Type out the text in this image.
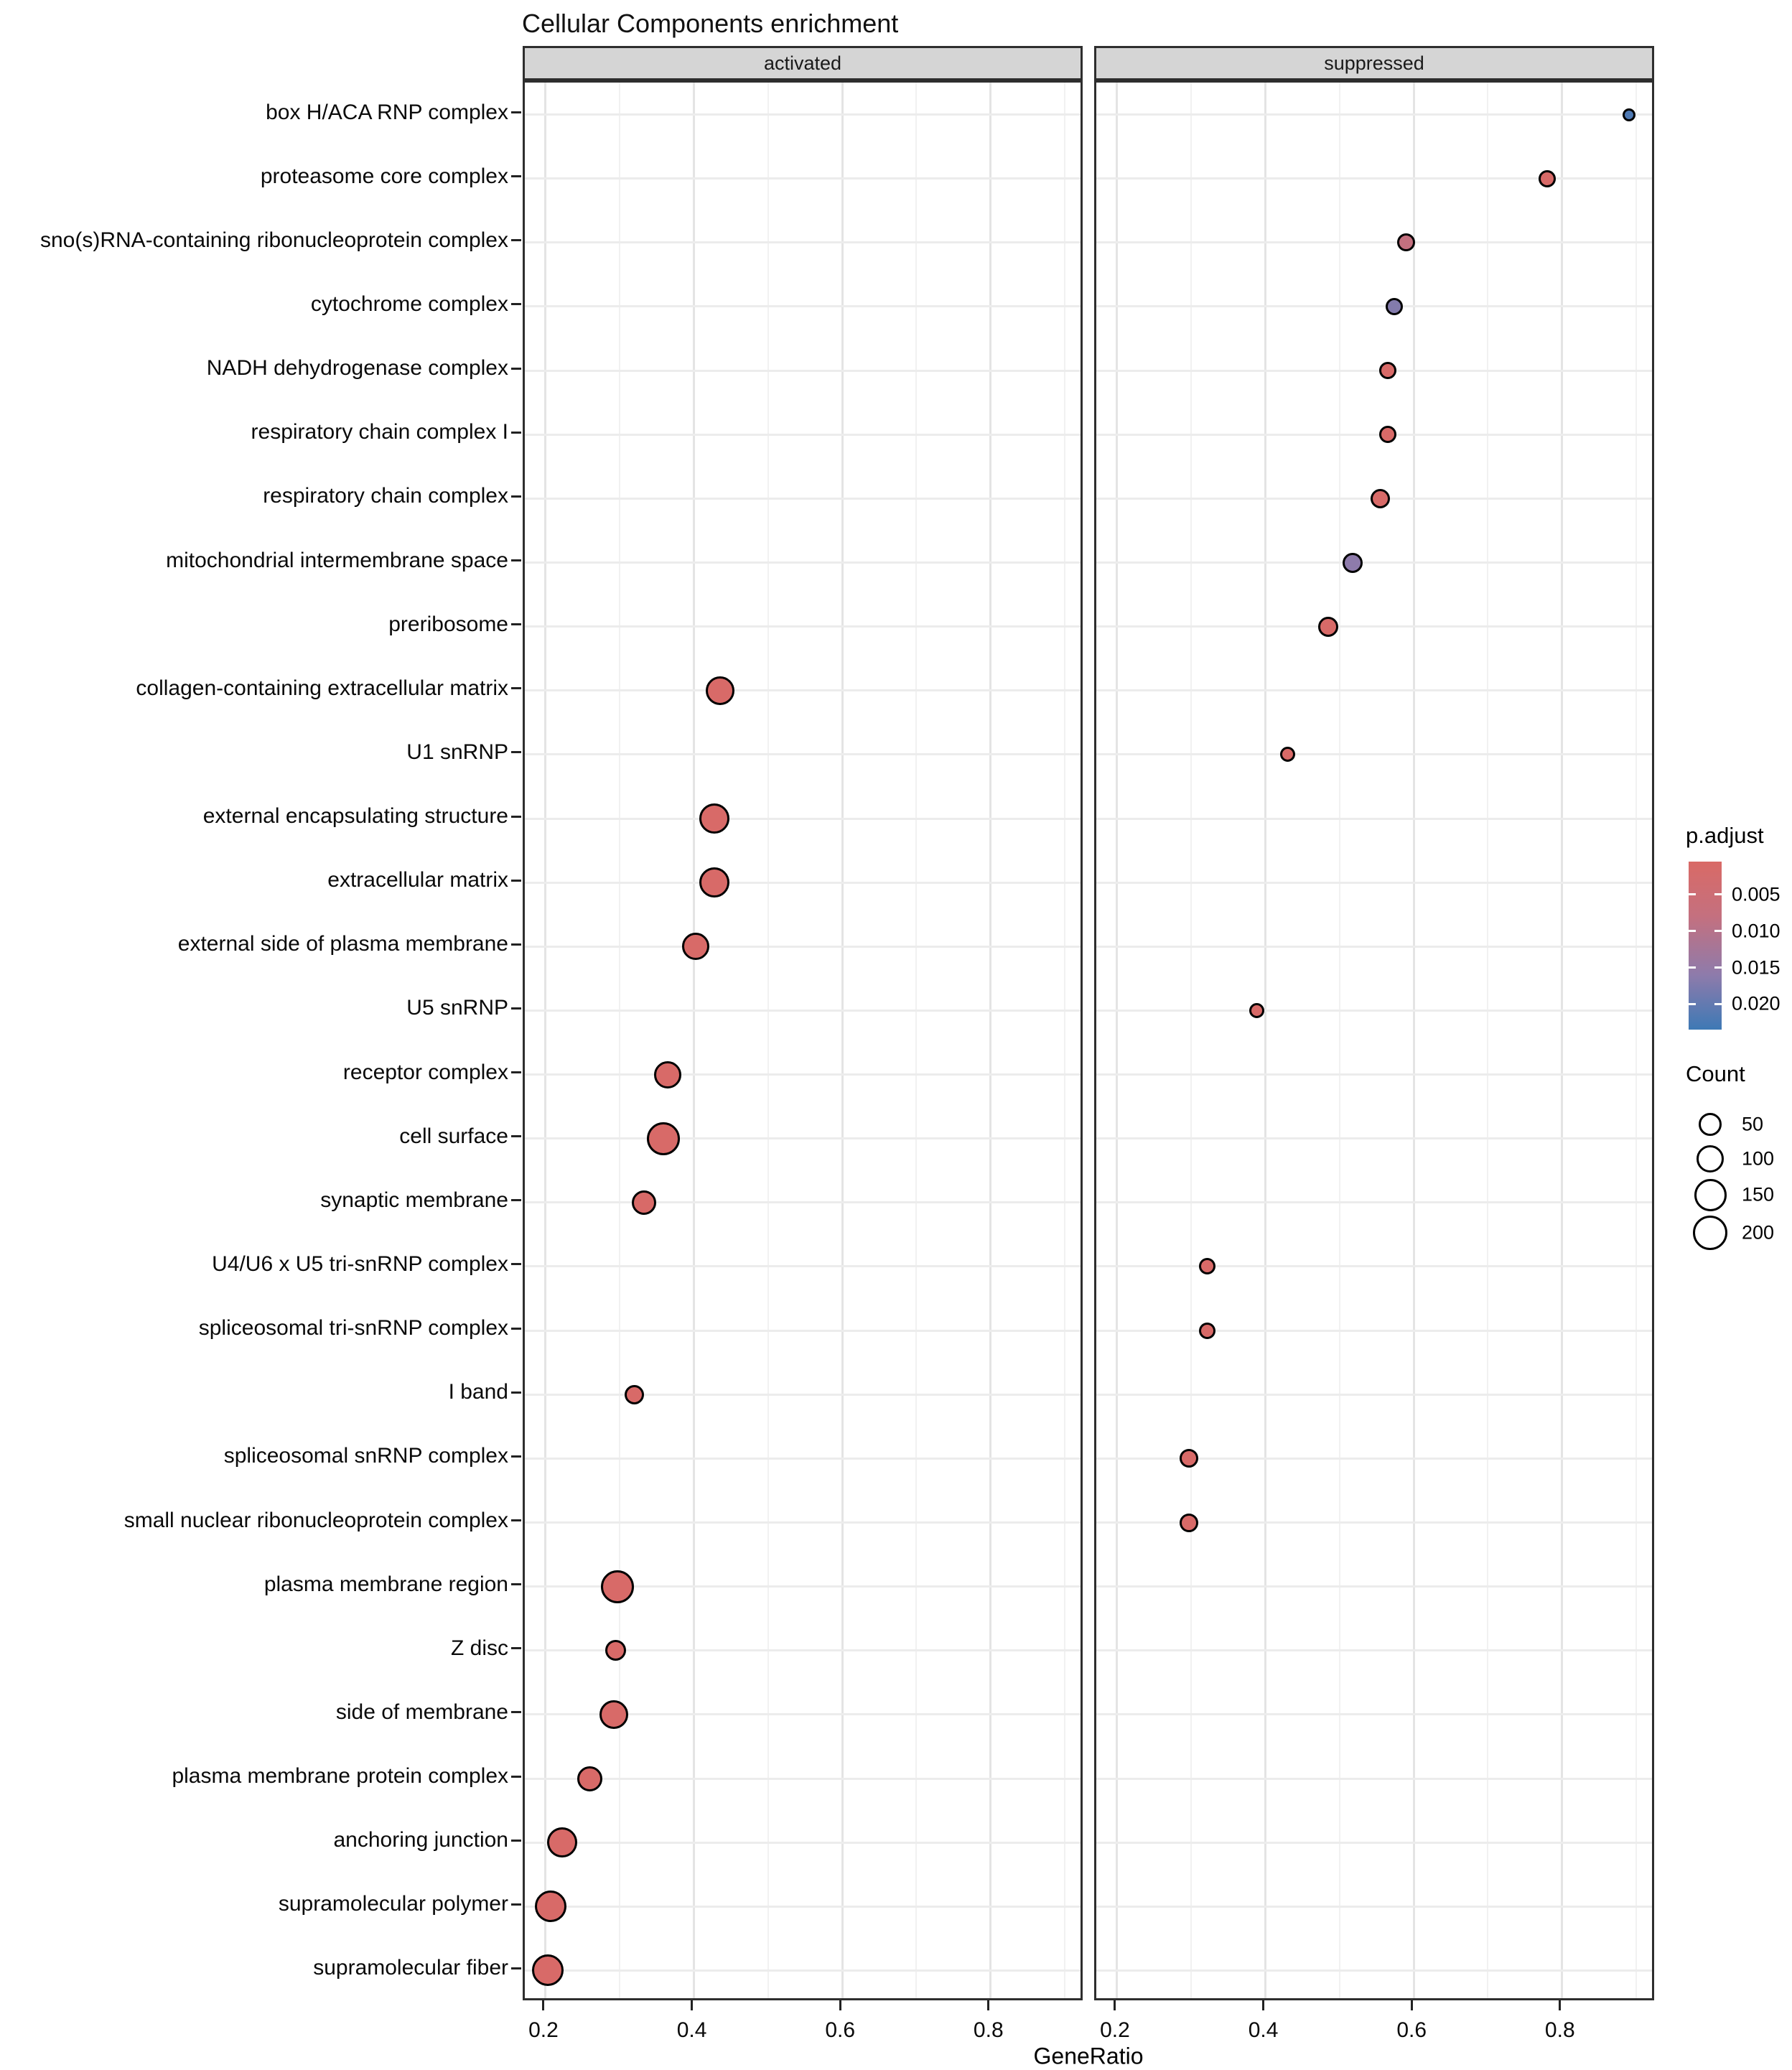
Cellular Components enrichment
activated
0.2	0.4	0.6	0.8
suppressed
0.2	0.4	0.6	0.8
box H/ACA RNP complex
proteasome core complex
sno(s)RNA-containing ribonucleoprotein complex
cytochrome complex
NADH dehydrogenase complex
respiratory chain complex I
respiratory chain complex
mitochondrial intermembrane space
preribosome
collagen-containing extracellular matrix
U1 snRNP
external encapsulating structure
extracellular matrix
external side of plasma membrane
U5 snRNP
receptor complex
cell surface
synaptic membrane
U4/U6 x U5 tri-snRNP complex
spliceosomal tri-snRNP complex
I band
spliceosomal snRNP complex
small nuclear ribonucleoprotein complex
plasma membrane region
Z disc
side of membrane
plasma membrane protein complex
anchoring junction
supramolecular polymer
supramolecular fiber
GeneRatio
p.adjust
0.005
0.010
0.015
0.020
Count
50
100
150
200
